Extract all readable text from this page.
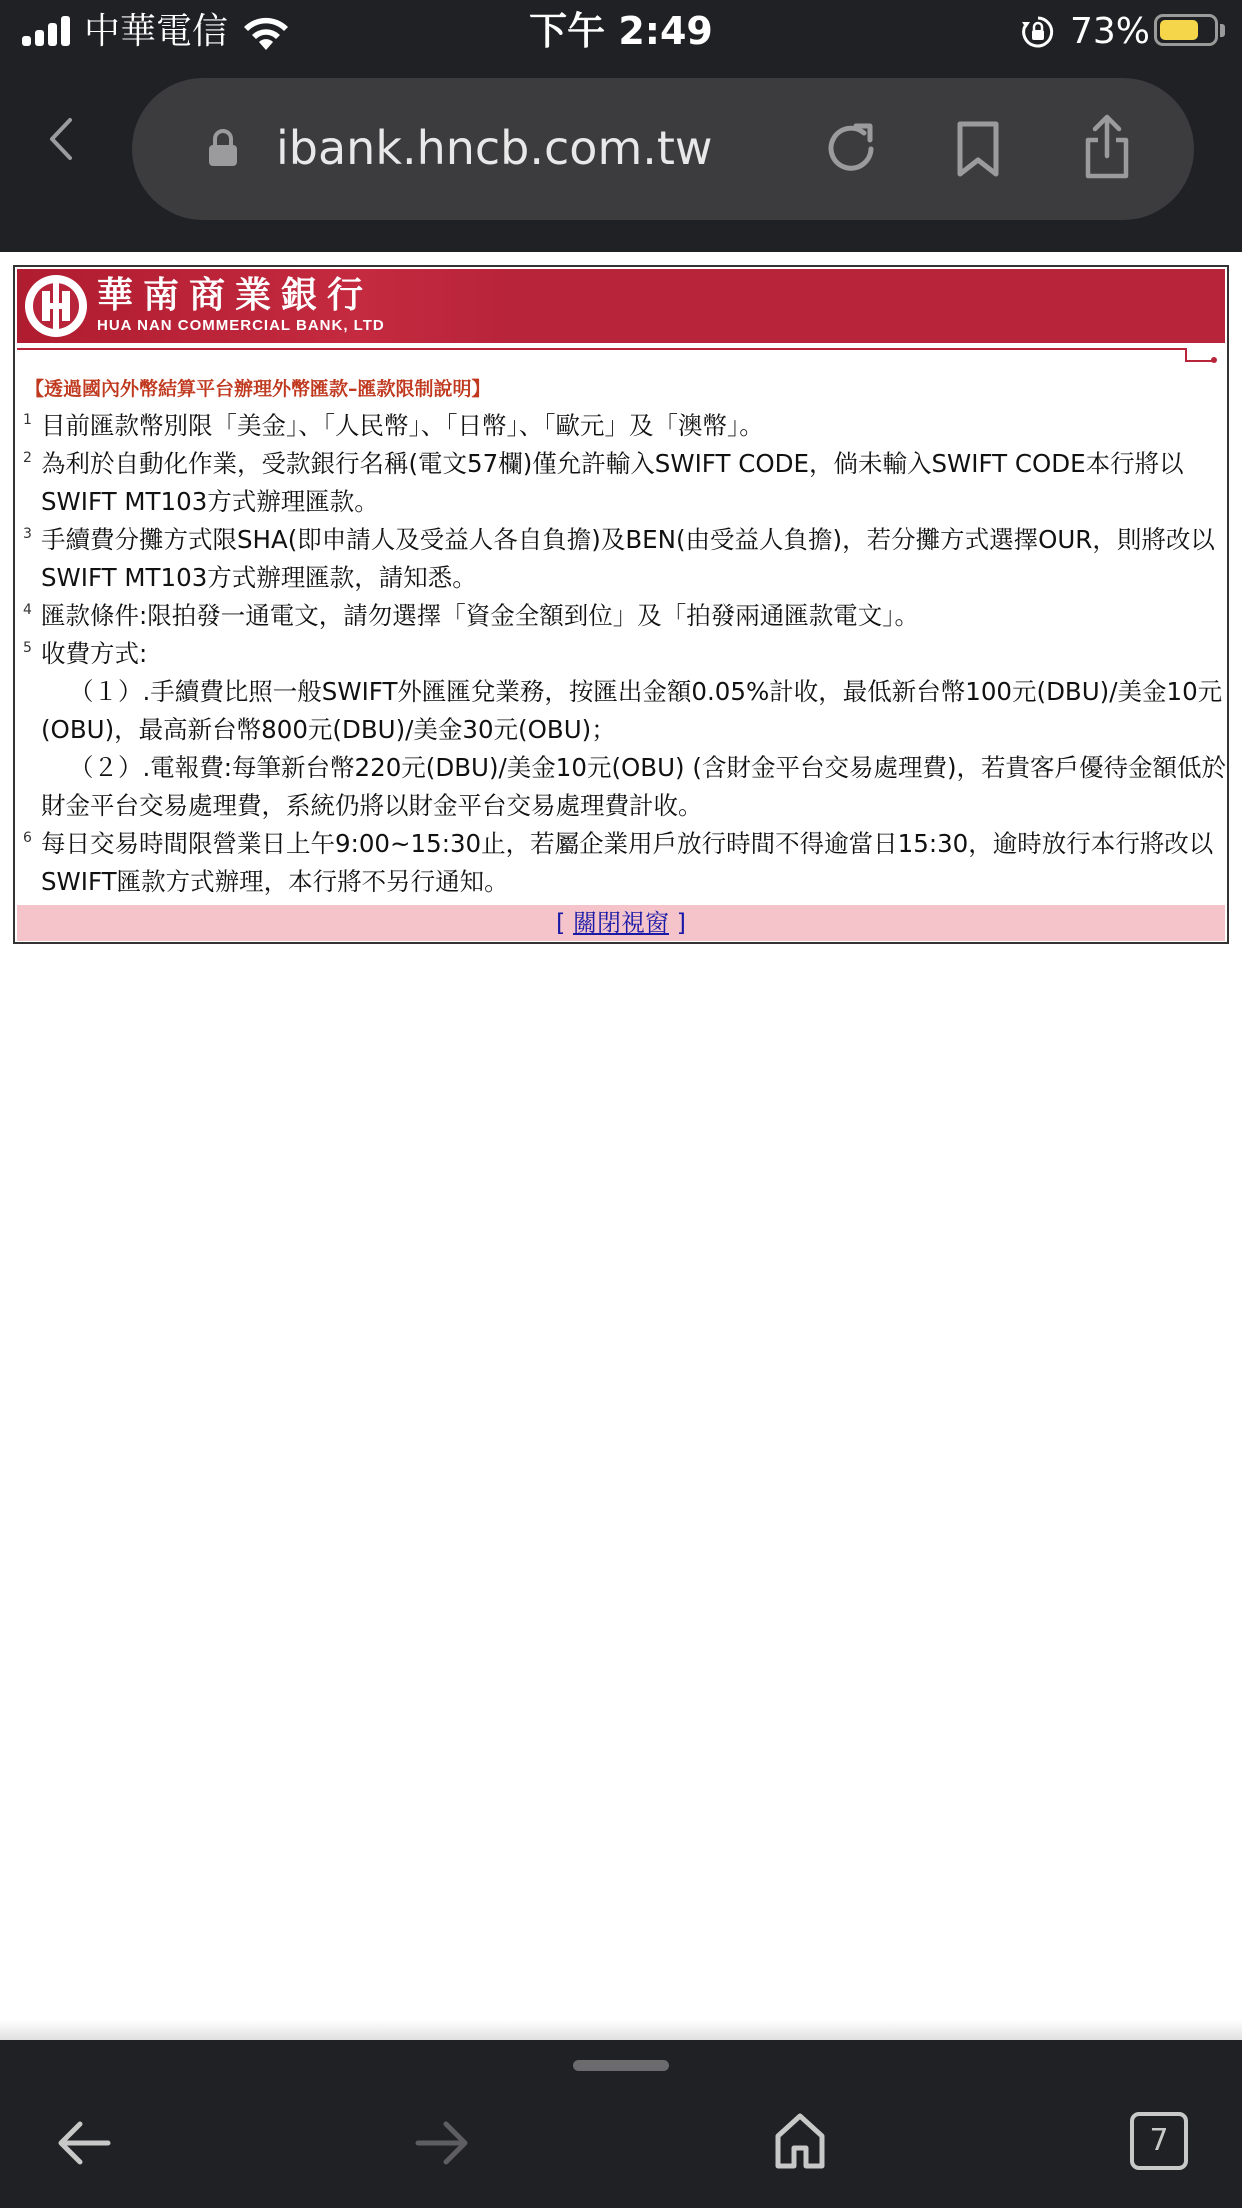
中華電信	下午 2:49	73%
ibank.hncb.com.tw
華南商業銀行
HUA NAN COMMERCIAL BANK, LTD
【透過國內外幣結算平台辦理外幣匯款–匯款限制說明】
1 目前匯款幣別限「美金」、「人民幣」、「日幣」、「歐元」及「澳幣」。
2 為利於自動化作業，受款銀行名稱(電文57欄)僅允許輸入SWIFT CODE，倘未輸入SWIFT CODE本行將以SWIFT MT103方式辦理匯款。
3 手續費分攤方式限SHA(即申請人及受益人各自負擔)及BEN(由受益人負擔)，若分攤方式選擇OUR，則將改以SWIFT MT103方式辦理匯款，請知悉。
4 匯款條件:限拍發一通電文，請勿選擇「資金全額到位」及「拍發兩通匯款電文」。
5 收費方式:
（１）.手續費比照一般SWIFT外匯匯兌業務，按匯出金額0.05%計收，最低新台幣100元(DBU)/美金10元(OBU)，最高新台幣800元(DBU)/美金30元(OBU)；
（２）.電報費:每筆新台幣220元(DBU)/美金10元(OBU) (含財金平台交易處理費)，若貴客戶優待金額低於財金平台交易處理費，系統仍將以財金平台交易處理費計收。
6 每日交易時間限營業日上午9:00~15:30止，若屬企業用戶放行時間不得逾當日15:30，逾時放行本行將改以SWIFT匯款方式辦理，本行將不另行通知。
[ 關閉視窗 ]
7
